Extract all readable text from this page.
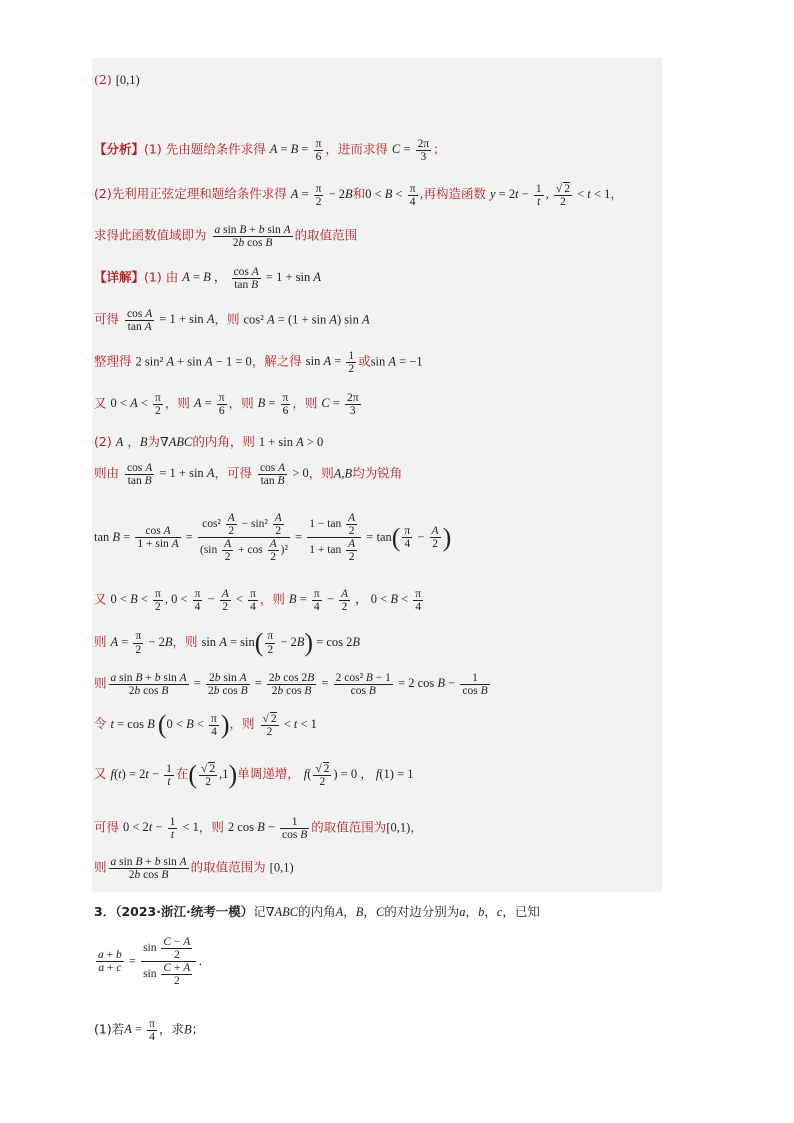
(2) [0,1)
【分析】(1) 先由题给条件求得 $A = B = \frac{\pi}{6}$ ，进而求得 $C = \frac{2\pi}{3}$ ；
(2)先利用正弦定理和题给条件求得 $A = \frac{\pi}{2} - 2B$和$0 < B < \frac{\pi}{4}$ ,再构造函数 $y = 2t - \frac{1}{t}$ , $\frac{√ 2}{2} < t < 1$，
求得此函数值域即为 $\frac{\text{a sin B + b sin A}}{\text{2b cos B}}$ 的取值范围
【详解】(1) 由 A = B ， $\frac{\text{cos A}}{\text{tan B}} = 1 + \sin A$
可得 $\frac{\text{cos A}}{\text{tan A}} = 1 + \sin A$，则 cos² A = (1 + sin A) sin A
整理得 2 sin² A + sin A − 1 = 0，解之得 $\sin A = \frac{1}{2}$ 或sin A = −1
又 $0 < A < \frac{\pi}{2}$ ，则 $A = \frac{\pi}{6}$ ，则 $B = \frac{\pi}{6}$ ，则 $C = \frac{2\pi}{3}$
(2) A ，B为∇ABC的内角，则 1 + sin A > 0
则由 $\frac{\text{cos A}}{\text{tan B}} = 1 + \sin A$，可得 $\frac{\text{cos A}}{\text{tan B}} > 0$，则A,B均为锐角
$\tan B = \frac{\text{cos A}}{\text{1 + sin A}} = \frac{\cos^2 \frac{A}{2} - \sin^2 \frac{A}{2}}{(\sin \frac{A}{2} + \cos \frac{A}{2} )^2} = \frac{1 - \tan \frac{A}{2}}{1 + \tan \frac{A}{2}} = \tan( \frac{\pi}{4} - \frac{A}{2}$ )
又 $0 < B < \frac{\pi}{2}$ , $0 < \frac{\pi}{4} - \frac{A}{2} < \frac{\pi}{4}$ ，则 $B = \frac{\pi}{4} - \frac{A}{2}$ ， $0 < B < \frac{\pi}{4}$
则 $A = \frac{\pi}{2} - 2B$，则 $\sin A = \sin( \frac{\pi}{2} - 2B) = \cos 2B$
则 $\frac{\text{a sin B + b sin A}}{\text{2b cos B}} = \frac{\text{2b sin A}}{\text{2b cos B}} = \frac{\text{2b cos 2B}}{\text{2b cos B}} = \frac{\text{2 cos² B − 1}}{\text{cos B}} = 2$ $\cos B - \frac{1}{\text{cos B}}$
令 t = cos B ($0 < B < \frac{\pi}{4}$ )，则 $\frac{√ 2}{2} < t < 1$
又 $f(t) = 2t - \frac{1}{t}$ 在( $\frac{√ 2}{2} ,1$)单调递增， $f( \frac{√ 2}{2}$ ) = 0 ， f(1) = 1
可得 $0 < 2t - \frac{1}{t} < 1$，则 2 $\cos B - \frac{1}{\text{cos B}}$ 的取值范围为[0,1)，
则 $\frac{\text{a sin B + b sin A}}{\text{2b cos B}}$ 的取值范围为 [0,1)
3．（2023·浙江·统考一模）记∇ABC的内角A，B，C的对边分别为a，b，c，已知
$\frac{a + b}{a + c} = \frac{\sin \frac{C - A}{2}}{\sin \frac{C + A}{2}}$ ．
(1)若$A = \frac{\pi}{4}$ ，求B；
